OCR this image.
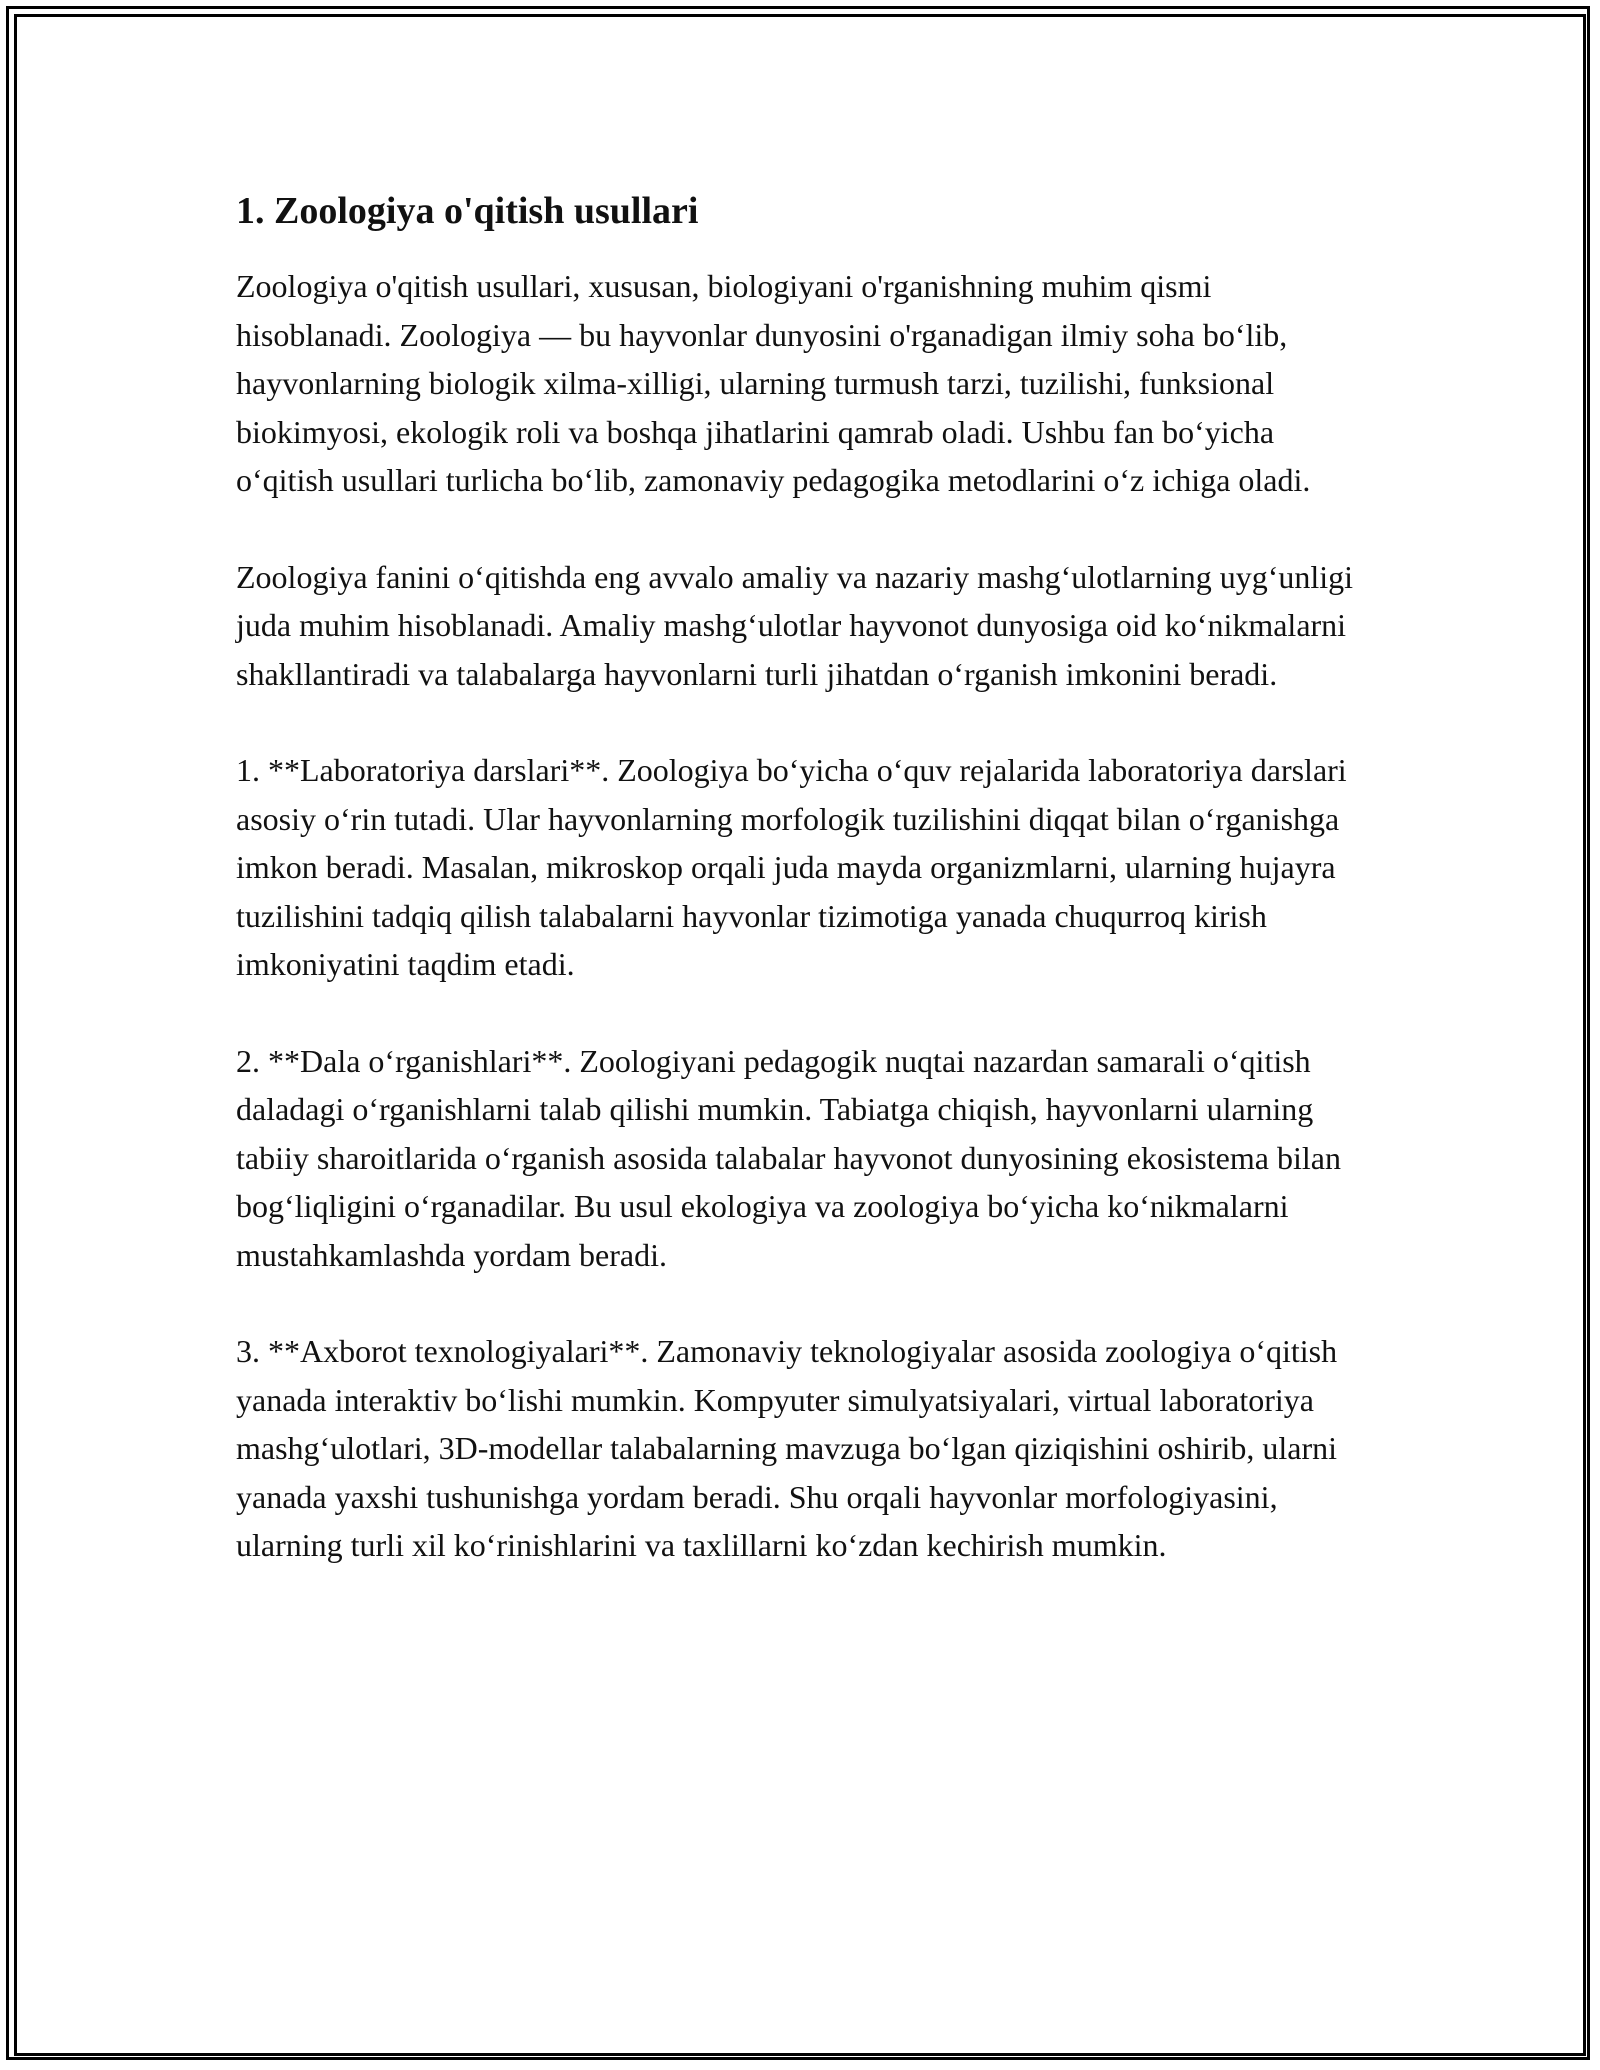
1. Zoologiya o'qitish usullari

Zoologiya o'qitish usullari, xususan, biologiyani o'rganishning muhim qismi hisoblanadi. Zoologiya — bu hayvonlar dunyosini o'rganadigan ilmiy soha boʻlib, hayvonlarning biologik xilma-xilligi, ularning turmush tarzi, tuzilishi, funksional biokimyosi, ekologik roli va boshqa jihatlarini qamrab oladi. Ushbu fan boʻyicha oʻqitish usullari turlicha boʻlib, zamonaviy pedagogika metodlarini oʻz ichiga oladi.

Zoologiya fanini oʻqitishda eng avvalo amaliy va nazariy mashgʻulotlarning uygʻunligi juda muhim hisoblanadi. Amaliy mashgʻulotlar hayvonot dunyosiga oid koʻnikmalarni shakllantiradi va talabalarga hayvonlarni turli jihatdan oʻrganish imkonini beradi.

1. **Laboratoriya darslari**. Zoologiya boʻyicha oʻquv rejalarida laboratoriya darslari asosiy oʻrin tutadi. Ular hayvonlarning morfologik tuzilishini diqqat bilan oʻrganishga imkon beradi. Masalan, mikroskop orqali juda mayda organizmlarni, ularning hujayra tuzilishini tadqiq qilish talabalarni hayvonlar tizimotiga yanada chuqurroq kirish imkoniyatini taqdim etadi.

2. **Dala oʻrganishlari**. Zoologiyani pedagogik nuqtai nazardan samarali oʻqitish daladagi oʻrganishlarni talab qilishi mumkin. Tabiatga chiqish, hayvonlarni ularning tabiiy sharoitlarida oʻrganish asosida talabalar hayvonot dunyosining ekosistema bilan bogʻliqligini oʻrganadilar. Bu usul ekologiya va zoologiya boʻyicha koʻnikmalarni mustahkamlashda yordam beradi.

3. **Axborot texnologiyalari**. Zamonaviy teknologiyalar asosida zoologiya oʻqitish yanada interaktiv boʻlishi mumkin. Kompyuter simulyatsiyalari, virtual laboratoriya mashgʻulotlari, 3D-modellar talabalarning mavzuga boʻlgan qiziqishini oshirib, ularni yanada yaxshi tushunishga yordam beradi. Shu orqali hayvonlar morfologiyasini, ularning turli xil koʻrinishlarini va taxlillarni koʻzdan kechirish mumkin.
